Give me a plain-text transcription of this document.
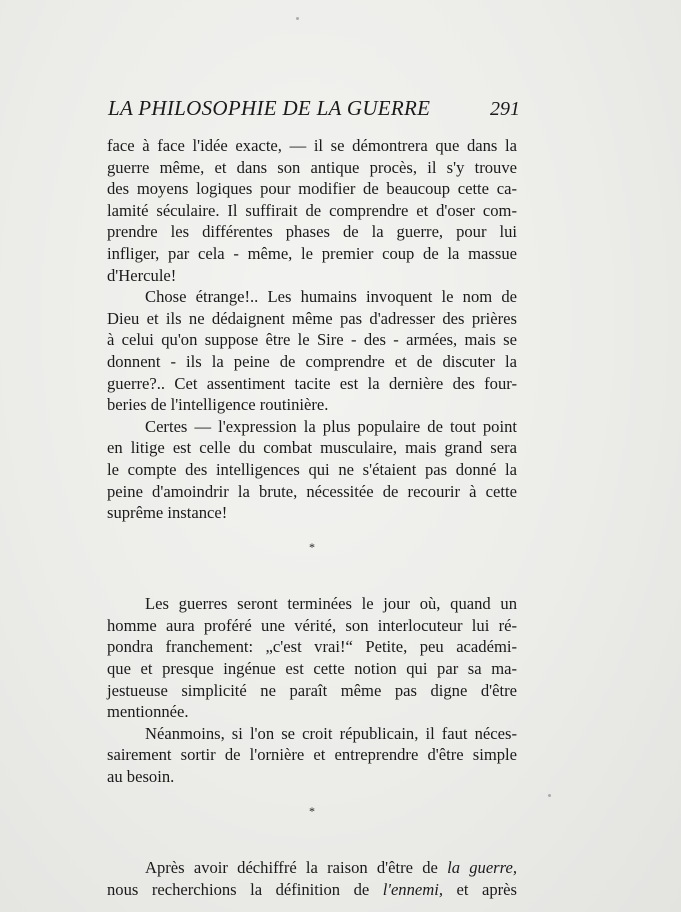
LA PHILOSOPHIE DE LA GUERRE	291
face à face l'idée exacte, — il se démontrera que dans la
guerre même, et dans son antique procès, il s'y trouve
des moyens logiques pour modifier de beaucoup cette ca-
lamité séculaire. Il suffirait de comprendre et d'oser com-
prendre les différentes phases de la guerre, pour lui
infliger, par cela - même, le premier coup de la massue
d'Hercule!
Chose étrange!.. Les humains invoquent le nom de
Dieu et ils ne dédaignent même pas d'adresser des prières
à celui qu'on suppose être le Sire - des - armées, mais se
donnent - ils la peine de comprendre et de discuter la
guerre?.. Cet assentiment tacite est la dernière des four-
beries de l'intelligence routinière.
Certes — l'expression la plus populaire de tout point
en litige est celle du combat musculaire, mais grand sera
le compte des intelligences qui ne s'étaient pas donné la
peine d'amoindrir la brute, nécessitée de recourir à cette
suprême instance!
*
Les guerres seront terminées le jour où, quand un
homme aura proféré une vérité, son interlocuteur lui ré-
pondra franchement: „c'est vrai!“ Petite, peu académi-
que et presque ingénue est cette notion qui par sa ma-
jestueuse simplicité ne paraît même pas digne d'être
mentionnée.
Néanmoins, si l'on se croit républicain, il faut néces-
sairement sortir de l'ornière et entreprendre d'être simple
au besoin.
*
Après avoir déchiffré la raison d'être de la guerre,
nous recherchions la définition de l'ennemi, et après
